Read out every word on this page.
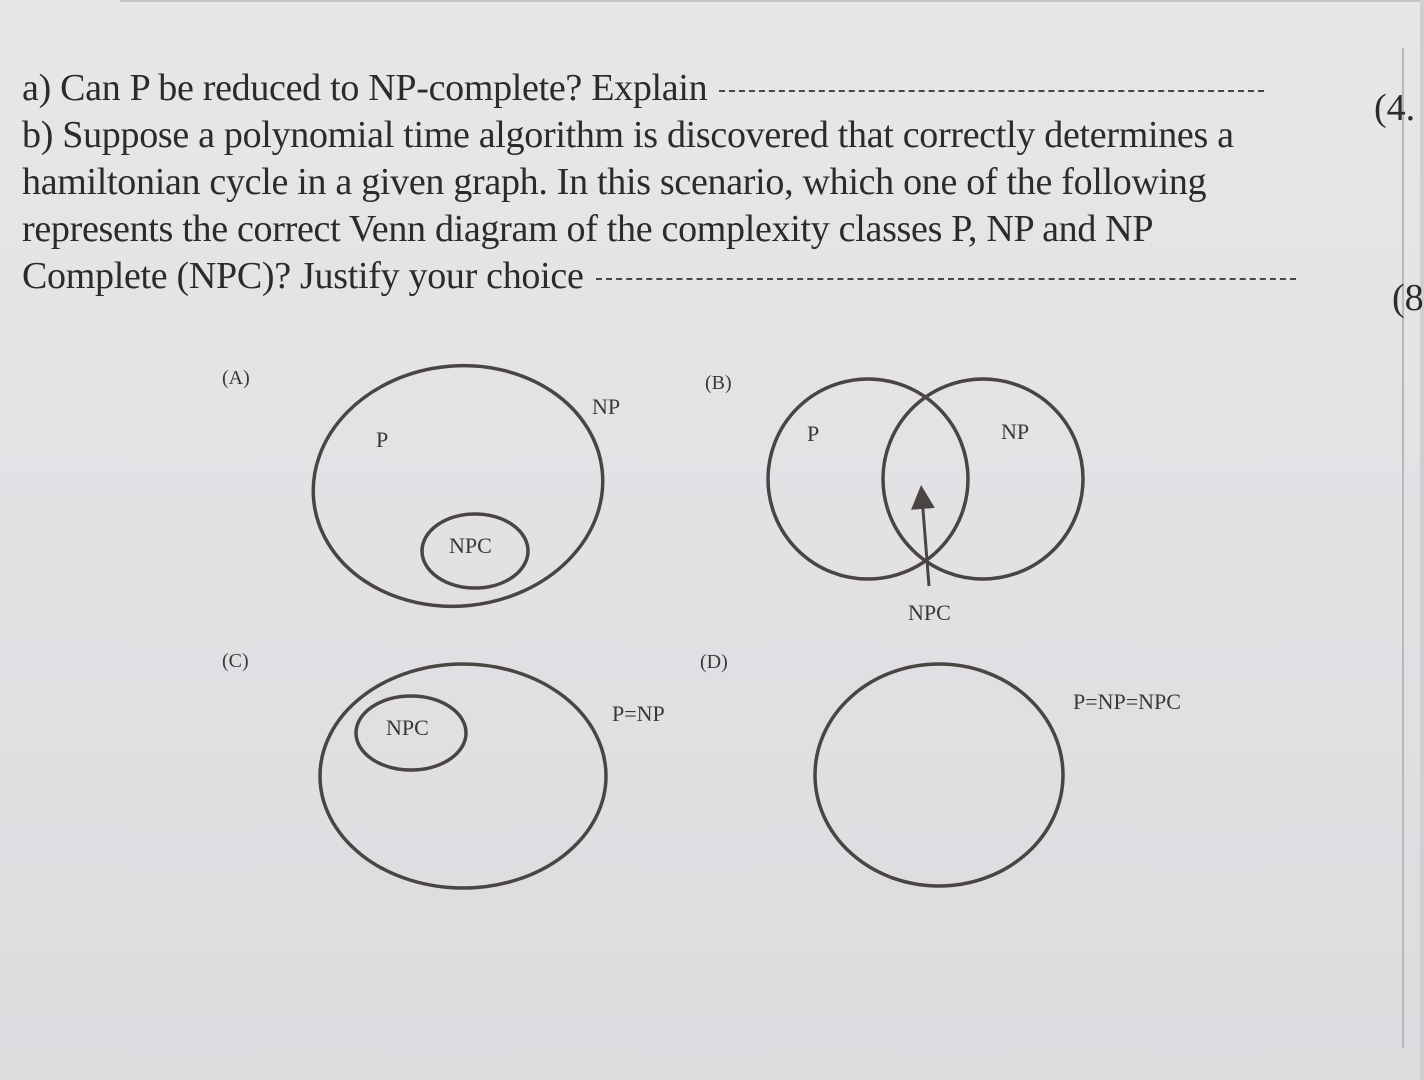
a) Can P be reduced to NP-complete? Explain	(4.
b) Suppose a polynomial time algorithm is discovered that correctly determines a
hamiltonian cycle in a given graph. In this scenario, which one of the following
represents the correct Venn diagram of the complexity classes P, NP and NP
Complete (NPC)? Justify your choice
(8
(A)
NP
P
NPC
(B)
P	NP
NPC
(C)
NPC
P=NP
(D)
P=NP=NPC
